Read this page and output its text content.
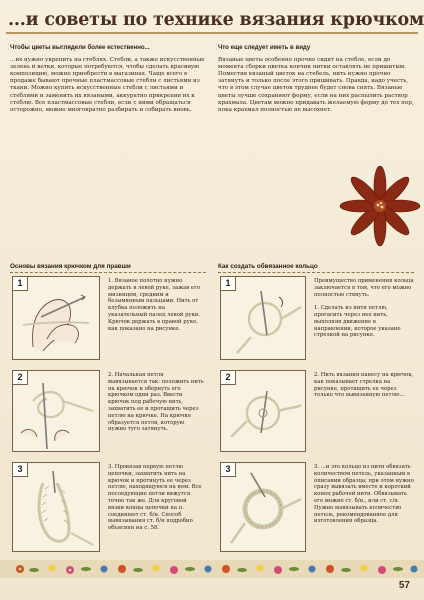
...и советы по технике вязания крючком
Чтобы цветы выглядели более естественно...

...их нужно укрепить на стеблях. Стебли, а также искусственные зелень и ветки, которые потребуются, чтобы сделать красивую композицию, можно приобрести в магазинах. Чаще всего в продаже бывают прочные пластмассовые стебли с листьями из ткани. Можно купить искусственные стебли с листьями и стеблями и заменить их вязаными, аккуратно прикрепив их к стеблю. Все пластмассовые стебли, если с ними обращаться осторожно, можно многократно разбирать и собирать вновь.

Что еще следует иметь в виду

Вязаные цветы особенно прочно сидят на стебле, если до момента сборки цветка кончик нитки оставлять не пришитым. Поместив вязаный цветок на стебель, нить нужно прочно затянуть и только после этого пришивать. Правда, надо учесть, что в этом случае цветок труднее будет снова снять. Вязаные цветы лучше сохраняют форму, если на них распылить раствор крахмала. Цветам можно придавать желаемую форму до тех пор, пока крахмал полностью не высохнет.

Основы вязания крючком для правши
1	1. Вязаное полотно нужно держать в левой руке, зажав его мизинцем, средним и безымянным пальцами. Нить от клубка положить на указательный палец левой руки. Крючок держать в правой руке, как показано на рисунке.
2	2. Начальная петля вывязывается так: положить нить на крючок и обернуть его крючком один раз. Ввести крючок под рабочую нить, захватить ее и протащить через петлю на крючке. На крючке образуется петля, которую нужно туго затянуть.
3	3. Провязав первую петлю цепочки, захватить нить на крючок и протянуть ее через петлю, находящуюся на нем. Все последующие петли вяжутся точно так же. Для круговой вязки концы цепочки на п. соединяют ст. б/н. Способ вывязывания ст. б/н подробно объяснен на с. 58.
Как создать обвязанное кольцо
1	Преимущество применения кольца заключается в том, что его можно полностью стянуть.

1. Сделать из нити петлю, прогасить через нее нить, выполняя движение в направлении, которое указано стрелкой на рисунке.
2	2. Нить вязания нанесу на крючок, как показывает стрелка на рисунке, протащить ее через только что вывязанную петлю...
3	3. ...и это кольцо из нити обвязать количеством петель, указанным в описании образца; при этом нужно сразу вывязать вместе и короткий конец рабочей нити. Обвязывать его можно ст. б/н., или ст. с/н. Нужно вывязывать количество петель, рекомендованное для изготовления образца.
57
